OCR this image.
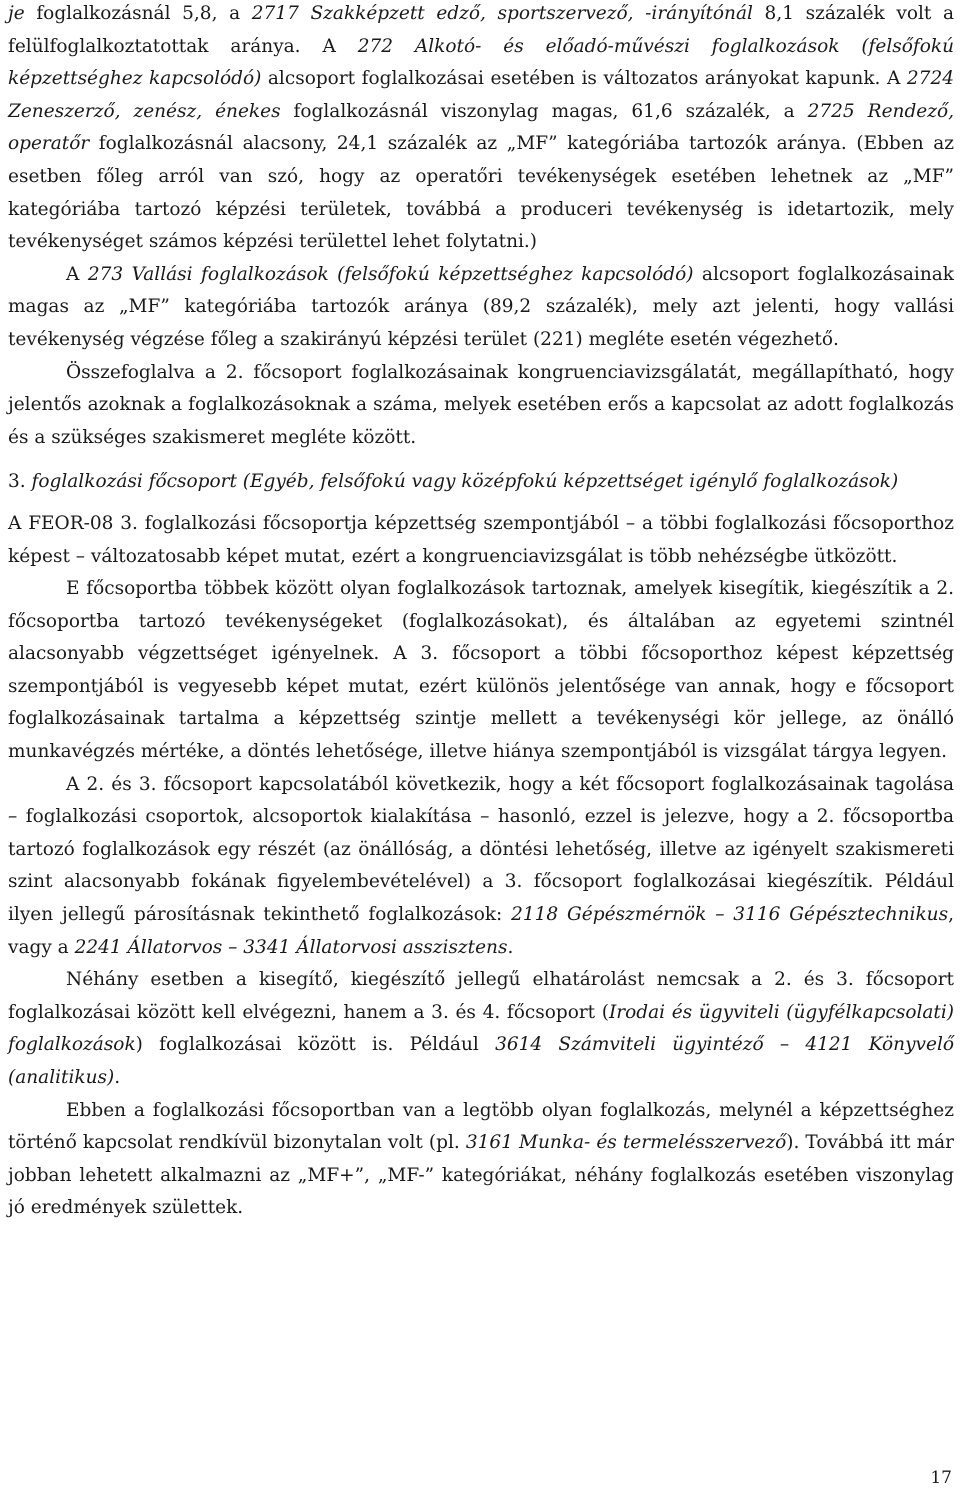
je foglalkozásnál 5,8, a 2717 Szakképzett edző, sportszervező, -irányítónál 8,1 százalék volt a felülfoglalkoztatottak aránya. A 272 Alkotó- és előadó-művészi foglalkozások (felsőfokú képzettséghez kapcsolódó) alcsoport foglalkozásai esetében is változatos arányokat kapunk. A 2724 Zeneszerző, zenész, énekes foglalkozásnál viszonylag magas, 61,6 százalék, a 2725 Rendező, operatőr foglalkozásnál alacsony, 24,1 százalék az „MF” kategóriába tartozók aránya. (Ebben az esetben főleg arról van szó, hogy az operatőri tevékenységek esetében lehetnek az „MF” kategóriába tartozó képzési területek, továbbá a produceri tevékenység is idetartozik, mely tevékenységet számos képzési területtel lehet folytatni.)

A 273 Vallási foglalkozások (felsőfokú képzettséghez kapcsolódó) alcsoport foglalkozásainak magas az „MF” kategóriába tartozók aránya (89,2 százalék), mely azt jelenti, hogy vallási tevékenység végzése főleg a szakirányú képzési terület (221) megléte esetén végezhető.

Összefoglalva a 2. főcsoport foglalkozásainak kongruenciavizsgálatát, megállapítható, hogy jelentős azoknak a foglalkozásoknak a száma, melyek esetében erős a kapcsolat az adott foglalkozás és a szükséges szakismeret megléte között.

3. foglalkozási főcsoport (Egyéb, felsőfokú vagy középfokú képzettséget igénylő foglalkozások)

A FEOR-08 3. foglalkozási főcsoportja képzettség szempontjából – a többi foglalkozási főcsoporthoz képest – változatosabb képet mutat, ezért a kongruenciavizsgálat is több nehézségbe ütközött.

E főcsoportba többek között olyan foglalkozások tartoznak, amelyek kisegítik, kiegészítik a 2. főcsoportba tartozó tevékenységeket (foglalkozásokat), és általában az egyetemi szintnél alacsonyabb végzettséget igényelnek. A 3. főcsoport a többi főcsoporthoz képest képzettség szempontjából is vegyesebb képet mutat, ezért különös jelentősége van annak, hogy e főcsoport foglalkozásainak tartalma a képzettség szintje mellett a tevékenységi kör jellege, az önálló munkavégzés mértéke, a döntés lehetősége, illetve hiánya szempontjából is vizsgálat tárgya legyen.

A 2. és 3. főcsoport kapcsolatából következik, hogy a két főcsoport foglalkozásainak tagolása – foglalkozási csoportok, alcsoportok kialakítása – hasonló, ezzel is jelezve, hogy a 2. főcsoportba tartozó foglalkozások egy részét (az önállóság, a döntési lehetőség, illetve az igényelt szakismereti szint alacsonyabb fokának figyelembevételével) a 3. főcsoport foglalkozásai kiegészítik. Például ilyen jellegű párosításnak tekinthető foglalkozások: 2118 Gépészmérnök – 3116 Gépésztechnikus, vagy a 2241 Állatorvos – 3341 Állatorvosi asszisztens.

Néhány esetben a kisegítő, kiegészítő jellegű elhatárolást nemcsak a 2. és 3. főcsoport foglalkozásai között kell elvégezni, hanem a 3. és 4. főcsoport (Irodai és ügyviteli (ügyfélkapcsolati) foglalkozások) foglalkozásai között is. Például 3614 Számviteli ügyintéző – 4121 Könyvelő (analitikus).

Ebben a foglalkozási főcsoportban van a legtöbb olyan foglalkozás, melynél a képzettséghez történő kapcsolat rendkívül bizonytalan volt (pl. 3161 Munka- és termelésszervező). Továbbá itt már jobban lehetett alkalmazni az „MF+”, „MF-” kategóriákat, néhány foglalkozás esetében viszonylag jó eredmények születtek.

17
